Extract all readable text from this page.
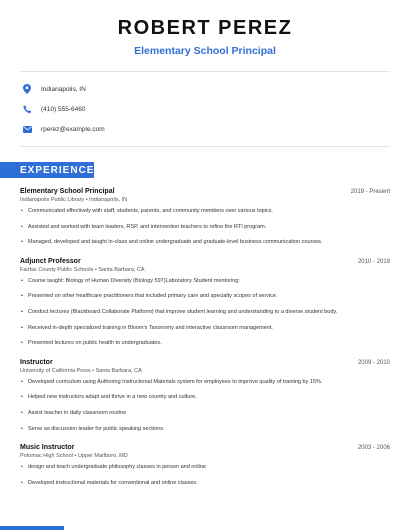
ROBERT PEREZ
Elementary School Principal
Indianapolis, IN
(410) 555-6460
rperez@example.com
EXPERIENCE
Elementary School Principal	2019 - Present
Indianapolis Public Library • Indianapolis, IN
• Communicated effectively with staff, students, parents, and community members over various topics.
• Assisted and worked with team leaders, RSP, and intervention teachers to refine the RTI program.
• Managed, developed and taught in-class and online undergraduate and graduate-level business communication courses.
Adjunct Professor	2010 - 2019
Fairfax County Public Schools • Santa Barbara, CA
• Course taught: Biology of Human Diversity (Biology 597)Laboratory Student mentoring:
• Presented on other healthcare practitioners that included primary care and specialty scopes of service.
• Conduct lectures (Blackboard Collaborate Platform) that improve student learning and understanding to a diverse student body.
• Received in-depth specialized training in Bloom's Taxonomy and interactive classroom management.
• Presented lectures on public health to undergraduates.
Instructor	2009 - 2010
University of California Press • Santa Barbara, CA
• Developed curriculum using Authoring Instructional Materials system for employees to improve quality of training by 15%.
• Helped new instructors adapt and thrive in a new country and culture.
• Assist teacher in daily classroom routine
• Serve as discussion leader for public speaking sections.
Music Instructor	2003 - 2006
Potomac High School • Upper Marlboro, MD
• design and teach undergraduate philosophy classes in person and online
• Developed instructional materials for conventional and online classes.
